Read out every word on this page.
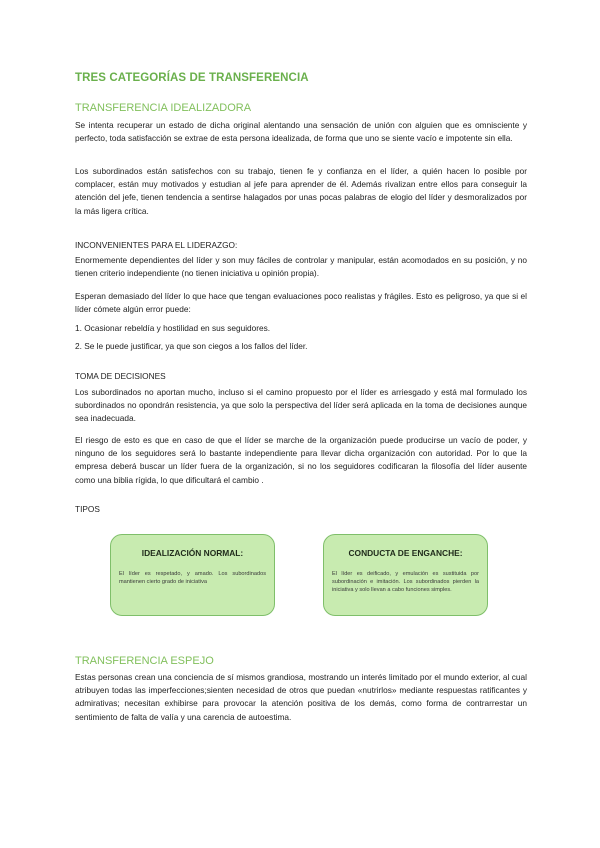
TRES CATEGORÍAS DE TRANSFERENCIA
TRANSFERENCIA IDEALIZADORA

Se intenta recuperar un estado de dicha original alentando una sensación de unión con alguien que es omnisciente y perfecto, toda satisfacción se extrae de esta persona idealizada, de forma que uno se siente vacío e impotente sin ella.

Los subordinados están satisfechos con su trabajo, tienen fe y confianza en el líder, a quién hacen lo posible por complacer, están muy motivados y estudian al jefe para aprender de él. Además rivalizan entre ellos para conseguir la atención del jefe, tienen tendencia a sentirse halagados por unas pocas palabras de elogio del líder y desmoralizados por la más ligera crítica.

INCONVENIENTES PARA EL LIDERAZGO:

Enormemente dependientes del líder y son muy fáciles de controlar y manipular, están acomodados en su posición, y no tienen criterio independiente (no tienen iniciativa u opinión propia).

Esperan demasiado del líder lo que hace que tengan evaluaciones poco realistas y frágiles. Esto es peligroso, ya que si el líder cómete algún error puede:

1. Ocasionar rebeldía y hostilidad en sus seguidores.
2. Se le puede justificar, ya que son ciegos a los fallos del líder.
TOMA DE DECISIONES

Los subordinados no aportan mucho, incluso si el camino propuesto por el líder es arriesgado y está mal formulado los subordinados no opondrán resistencia, ya que solo la perspectiva del líder será aplicada en la toma de decisiones aunque sea inadecuada.

El riesgo de esto es que en caso de que el líder se marche de la organización puede producirse un vacío de poder, y ninguno de los seguidores será lo bastante independiente para llevar dicha organización con autoridad. Por lo que la empresa deberá buscar un líder fuera de la organización, si no los seguidores codificaran la filosofía del líder ausente como una biblia rígida, lo que dificultará el cambio .

TIPOS
TRANSFERENCIA ESPEJO

Estas personas crean una conciencia de sí mismos grandiosa, mostrando un interés limitado por el mundo exterior, al cual atribuyen todas las imperfecciones;sienten necesidad de otros que puedan «nutrirlos» mediante respuestas ratificantes y admirativas; necesitan exhibirse para provocar la atención positiva de los demás, como forma de contrarrestar un sentimiento de falta de valía y una carencia de autoestima.

IDEALIZACIÓN NORMAL:

El líder es respetado, y amado. Los subordinados mantienen cierto grado de iniciativa

CONDUCTA DE ENGANCHE:

El líder es deificado, y emulación es sustituida por subordinación e imitación. Los subordinados pierden la iniciativa y solo llevan a cabo funciones simples.
